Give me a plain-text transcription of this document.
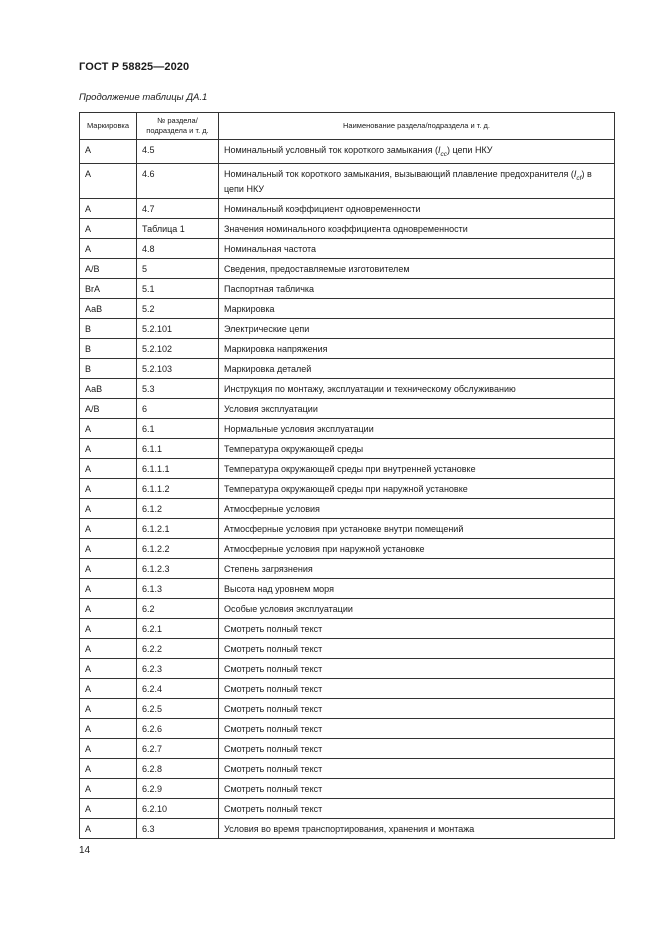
ГОСТ Р 58825—2020
Продолжение таблицы ДА.1
Маркировка	№ раздела/ подраздела и т. д.	Наименование раздела/подраздела и т. д.
А	4.5	Номинальный условный ток короткого замыкания $(I_{cc})$ цепи НКУ
А	4.6	Номинальный ток короткого замыкания, вызывающий плавление предохранителя $(I_{cf})$ в цепи НКУ
А	4.7	Номинальный коэффициент одновременности
А	Таблица 1	Значения номинального коэффициента одновременности
А	4.8	Номинальная частота
А/В	5	Сведения, предоставляемые изготовителем
ВrА	5.1	Паспортная табличка
АаВ	5.2	Маркировка
В	5.2.101	Электрические цепи
В	5.2.102	Маркировка напряжения
В	5.2.103	Маркировка деталей
АаВ	5.3	Инструкция по монтажу, эксплуатации и техническому обслуживанию
А/В	6	Условия эксплуатации
А	6.1	Нормальные условия эксплуатации
А	6.1.1	Температура окружающей среды
А	6.1.1.1	Температура окружающей среды при внутренней установке
А	6.1.1.2	Температура окружающей среды при наружной установке
А	6.1.2	Атмосферные условия
А	6.1.2.1	Атмосферные условия при установке внутри помещений
А	6.1.2.2	Атмосферные условия при наружной установке
А	6.1.2.3	Степень загрязнения
А	6.1.3	Высота над уровнем моря
А	6.2	Особые условия эксплуатации
А	6.2.1	Смотреть полный текст
А	6.2.2	Смотреть полный текст
А	6.2.3	Смотреть полный текст
А	6.2.4	Смотреть полный текст
А	6.2.5	Смотреть полный текст
А	6.2.6	Смотреть полный текст
А	6.2.7	Смотреть полный текст
А	6.2.8	Смотреть полный текст
А	6.2.9	Смотреть полный текст
А	6.2.10	Смотреть полный текст
А	6.3	Условия во время транспортирования, хранения и монтажа
14
